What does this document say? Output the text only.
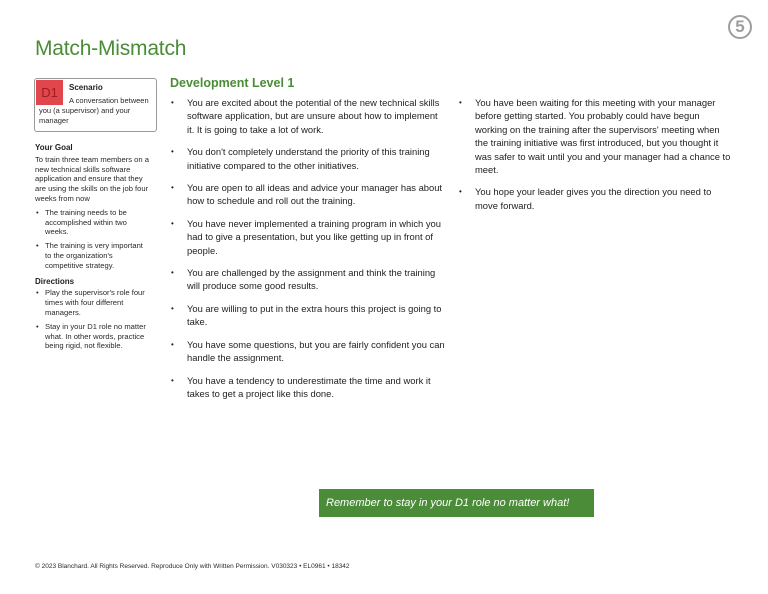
5
Match-Mismatch
D1	Scenario
A conversation between you (a supervisor) and your manager
Your Goal
To train three team members on a new technical skills software application and ensure that they are using the skills on the job four weeks from now
• The training needs to be accomplished within two weeks.
• The training is very important to the organization's competitive strategy.
Directions
• Play the supervisor's role four times with four different managers.
• Stay in your D1 role no matter what. In other words, practice being rigid, not flexible.
Development Level 1
• You are excited about the potential of the new technical skills software application, but are unsure about how to implement it. It is going to take a lot of work.
• You don't completely understand the priority of this training initiative compared to the other initiatives.
• You are open to all ideas and advice your manager has about how to schedule and roll out the training.
• You have never implemented a training program in which you had to give a presentation, but you like getting up in front of people.
• You are challenged by the assignment and think the training will produce some good results.
• You are willing to put in the extra hours this project is going to take.
• You have some questions, but you are fairly confident you can handle the assignment.
• You have a tendency to underestimate the time and work it takes to get a project like this done.
• You have been waiting for this meeting with your manager before getting started. You probably could have begun working on the training after the supervisors' meeting when the training initiative was first introduced, but you thought it was safer to wait until you and your manager had a chance to meet.
• You hope your leader gives you the direction you need to move forward.
Remember to stay in your D1 role no matter what!
© 2023 Blanchard. All Rights Reserved. Reproduce Only with Written Permission. V030323 • EL0961 • 18342
